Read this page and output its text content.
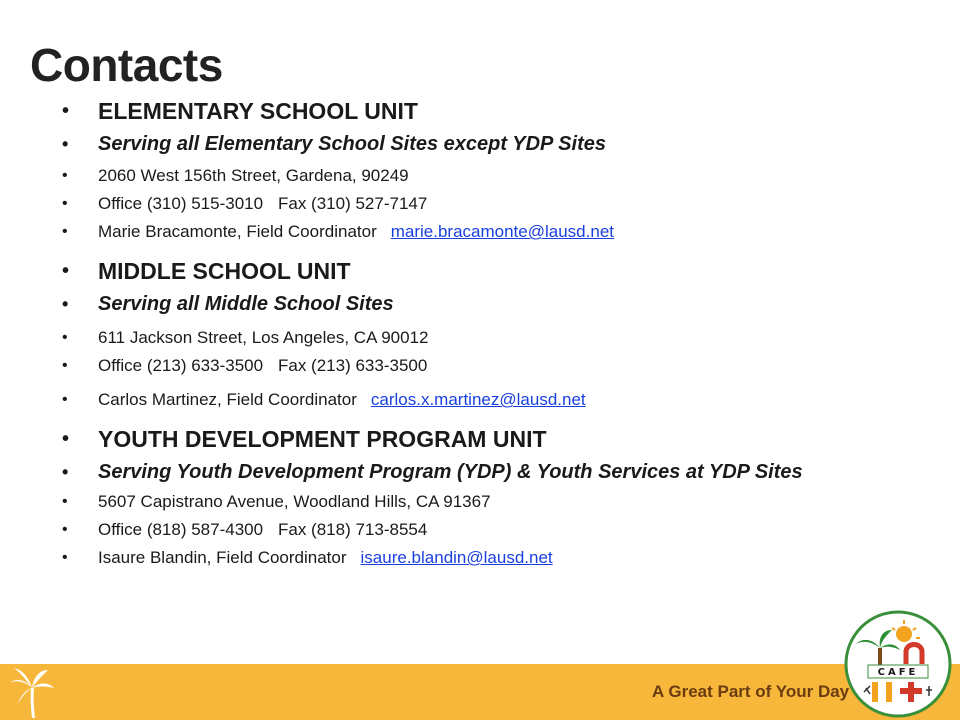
Contacts
• ELEMENTARY SCHOOL UNIT
• Serving all Elementary School Sites except YDP Sites
• 2060 West 156th Street, Gardena, 90249
• Office (310) 515-3010 Fax (310) 527-7147
• Marie Bracamonte, Field Coordinator marie.bracamonte@lausd.net
• MIDDLE SCHOOL UNIT
• Serving all Middle School Sites
• 611 Jackson Street, Los Angeles, CA 90012
• Office (213) 633-3500 Fax (213) 633-3500
• Carlos Martinez, Field Coordinator carlos.x.martinez@lausd.net
• YOUTH DEVELOPMENT PROGRAM UNIT
• Serving Youth Development Program (YDP) & Youth Services at YDP Sites
• 5607 Capistrano Avenue, Woodland Hills, CA 91367
• Office (818) 587-4300 Fax (818) 713-8554
• Isaure Blandin, Field Coordinator isaure.blandin@lausd.net
A Great Part of Your Day
CAFE
